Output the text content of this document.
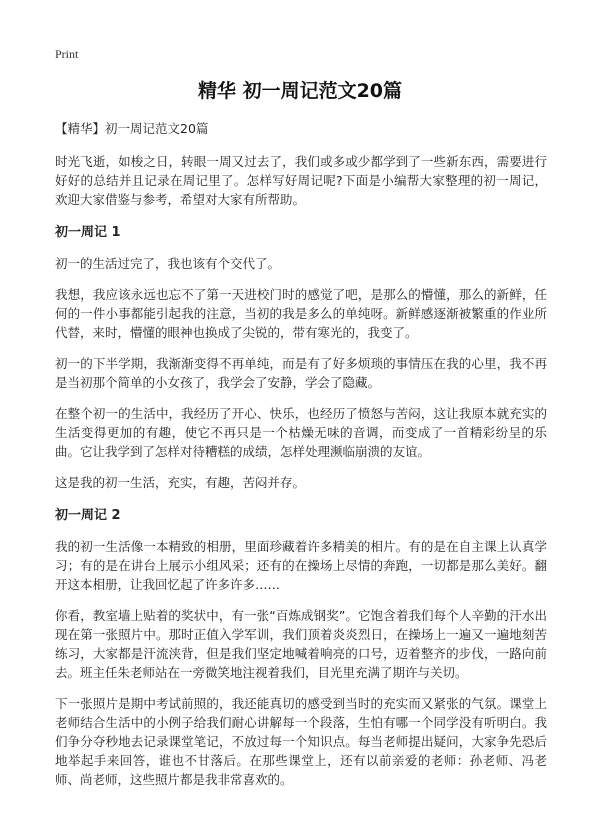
Print
精华 初一周记范文20篇
【精华】初一周记范文20篇

时光飞逝，如梭之日，转眼一周又过去了，我们或多或少都学到了一些新东西，需要进行好好的总结并且记录在周记里了。怎样写好周记呢?下面是小编帮大家整理的初一周记，欢迎大家借鉴与参考，希望对大家有所帮助。

初一周记 1

初一的生活过完了，我也该有个交代了。

我想，我应该永远也忘不了第一天进校门时的感觉了吧，是那么的懵懂，那么的新鲜，任何的一件小事都能引起我的注意，当初的我是多么的单纯呀。新鲜感逐渐被繁重的作业所代替，来时，懵懂的眼神也换成了尖锐的，带有寒光的，我变了。

初一的下半学期，我渐渐变得不再单纯，而是有了好多烦琐的事情压在我的心里，我不再是当初那个简单的小女孩了，我学会了安静，学会了隐藏。

在整个初一的生活中，我经历了开心、快乐，也经历了愤怒与苦闷，这让我原本就充实的生活变得更加的有趣，使它不再只是一个枯燥无味的音调，而变成了一首精彩纷呈的乐曲。它让我学到了怎样对待糟糕的成绩，怎样处理濒临崩溃的友谊。

这是我的初一生活，充实，有趣，苦闷并存。

初一周记 2

我的初一生活像一本精致的相册，里面珍藏着许多精美的相片。有的是在自主课上认真学习；有的是在讲台上展示小组风采；还有的在操场上尽情的奔跑，一切都是那么美好。翻开这本相册，让我回忆起了许多许多……

你看，教室墙上贴着的奖状中，有一张“百炼成钢奖”。它饱含着我们每个人辛勤的汗水出现在第一张照片中。那时正值入学军训，我们顶着炎炎烈日，在操场上一遍又一遍地刻苦练习，大家都是汗流浃背，但是我们坚定地喊着响亮的口号，迈着整齐的步伐，一路向前去。班主任朱老师站在一旁微笑地注视着我们，目光里充满了期许与关切。

下一张照片是期中考试前照的，我还能真切的感受到当时的充实而又紧张的气氛。课堂上老师结合生活中的小例子给我们耐心讲解每一个段落，生怕有哪一个同学没有听明白。我们争分夺秒地去记录课堂笔记，不放过每一个知识点。每当老师提出疑问，大家争先恐后地举起手来回答，谁也不甘落后。在那些课堂上，还有以前亲爱的老师：孙老师、冯老师、尚老师，这些照片都是我非常喜欢的。
